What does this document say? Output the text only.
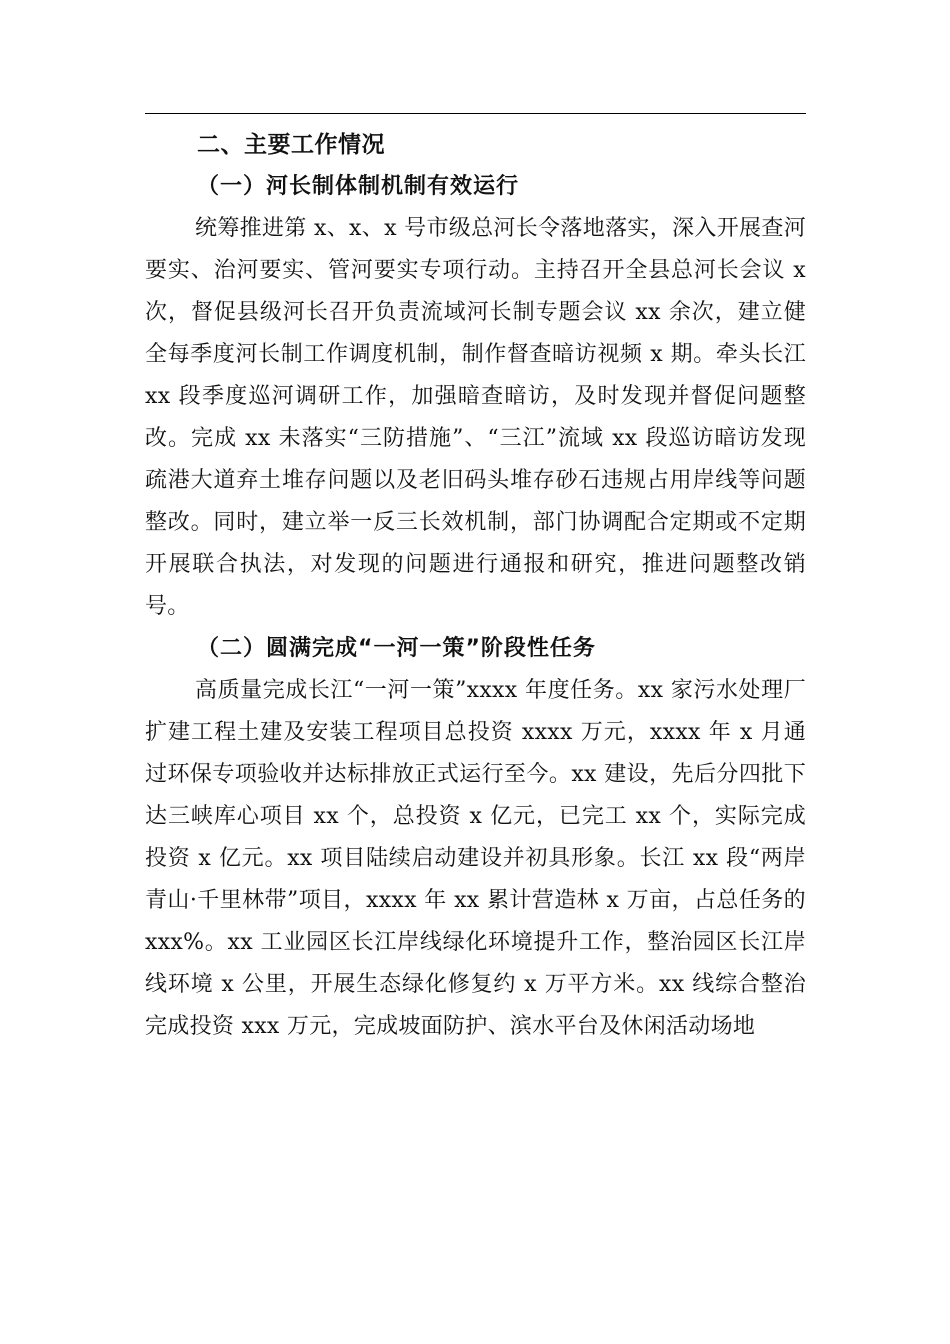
二、主要工作情况
（一）河长制体制机制有效运行

统筹推进第 x、x、x 号市级总河长令落地落实，深入开展查河要实、治河要实、管河要实专项行动。主持召开全县总河长会议 x 次，督促县级河长召开负责流域河长制专题会议 xx 余次，建立健全每季度河长制工作调度机制，制作督查暗访视频 x 期。牵头长江 xx 段季度巡河调研工作，加强暗查暗访，及时发现并督促问题整改。完成 xx 未落实“三防措施”、“三江”流域 xx 段巡访暗访发现疏港大道弃土堆存问题以及老旧码头堆存砂石违规占用岸线等问题整改。同时，建立举一反三长效机制，部门协调配合定期或不定期开展联合执法，对发现的问题进行通报和研究，推进问题整改销号。

（二）圆满完成“一河一策”阶段性任务

高质量完成长江“一河一策”xxxx 年度任务。xx 家污水处理厂扩建工程土建及安装工程项目总投资 xxxx 万元，xxxx 年 x 月通过环保专项验收并达标排放正式运行至今。xx 建设，先后分四批下达三峡库心项目 xx 个，总投资 x 亿元，已完工 xx 个，实际完成投资 x 亿元。xx 项目陆续启动建设并初具形象。长江 xx 段“两岸青山·千里林带”项目，xxxx 年 xx 累计营造林 x 万亩，占总任务的 xxx%。xx 工业园区长江岸线绿化环境提升工作，整治园区长江岸线环境 x 公里，开展生态绿化修复约 x 万平方米。xx 线综合整治完成投资 xxx 万元，完成坡面防护、滨水平台及休闲活动场地
